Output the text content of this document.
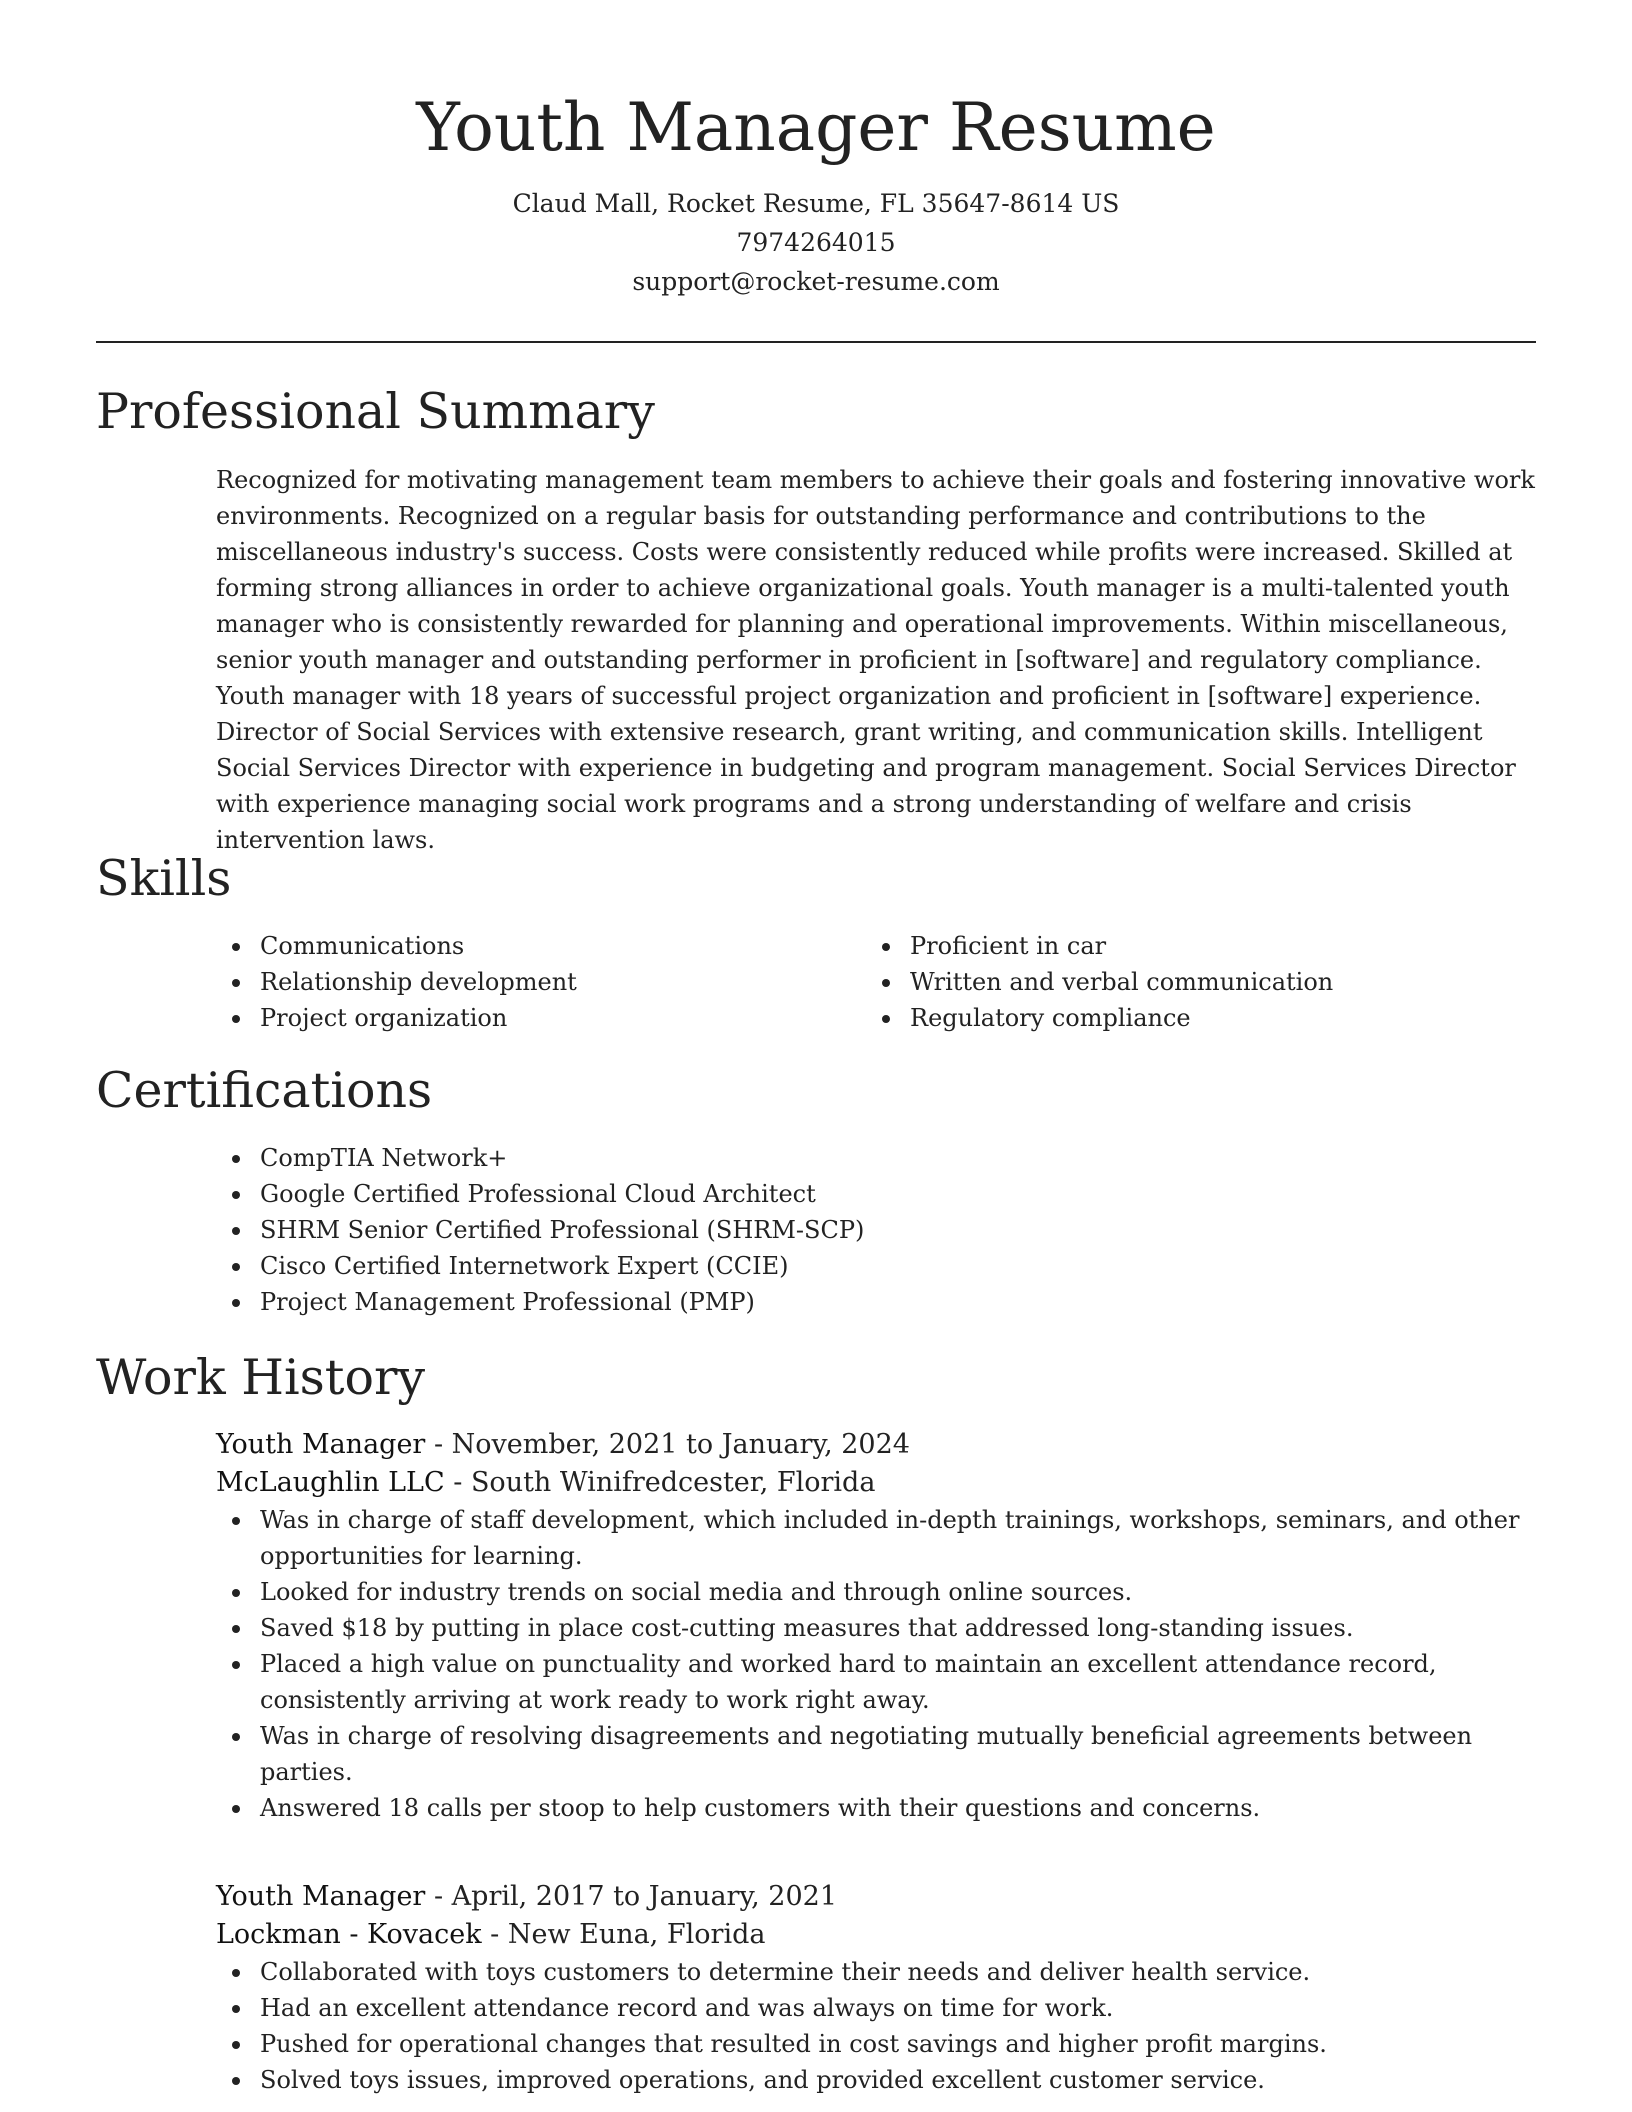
Youth Manager Resume

Claud Mall, Rocket Resume, FL 35647-8614 US

7974264015

support@rocket-resume.com

Professional Summary

Recognized for motivating management team members to achieve their goals and fostering innovative work environments. Recognized on a regular basis for outstanding performance and contributions to the miscellaneous industry's success. Costs were consistently reduced while profits were increased. Skilled at forming strong alliances in order to achieve organizational goals. Youth manager is a multi-talented youth manager who is consistently rewarded for planning and operational improvements. Within miscellaneous, senior youth manager and outstanding performer in proficient in [software] and regulatory compliance. Youth manager with 18 years of successful project organization and proficient in [software] experience. Director of Social Services with extensive research, grant writing, and communication skills. Intelligent Social Services Director with experience in budgeting and program management. Social Services Director with experience managing social work programs and a strong understanding of welfare and crisis intervention laws.

Skills
Communications
Relationship development
Project organization
Proficient in car
Written and verbal communication
Regulatory compliance
Certifications
CompTIA Network+
Google Certified Professional Cloud Architect
SHRM Senior Certified Professional (SHRM-SCP)
Cisco Certified Internetwork Expert (CCIE)
Project Management Professional (PMP)
Work History

Youth Manager - November, 2021 to January, 2024

McLaughlin LLC - South Winifredcester, Florida

Was in charge of staff development, which included in-depth trainings, workshops, seminars, and other opportunities for learning.
Looked for industry trends on social media and through online sources.
Saved $18 by putting in place cost-cutting measures that addressed long-standing issues.
Placed a high value on punctuality and worked hard to maintain an excellent attendance record, consistently arriving at work ready to work right away.
Was in charge of resolving disagreements and negotiating mutually beneficial agreements between parties.
Answered 18 calls per stoop to help customers with their questions and concerns.

Youth Manager - April, 2017 to January, 2021

Lockman - Kovacek - New Euna, Florida

Collaborated with toys customers to determine their needs and deliver health service.
Had an excellent attendance record and was always on time for work.
Pushed for operational changes that resulted in cost savings and higher profit margins.
Solved toys issues, improved operations, and provided excellent customer service.
